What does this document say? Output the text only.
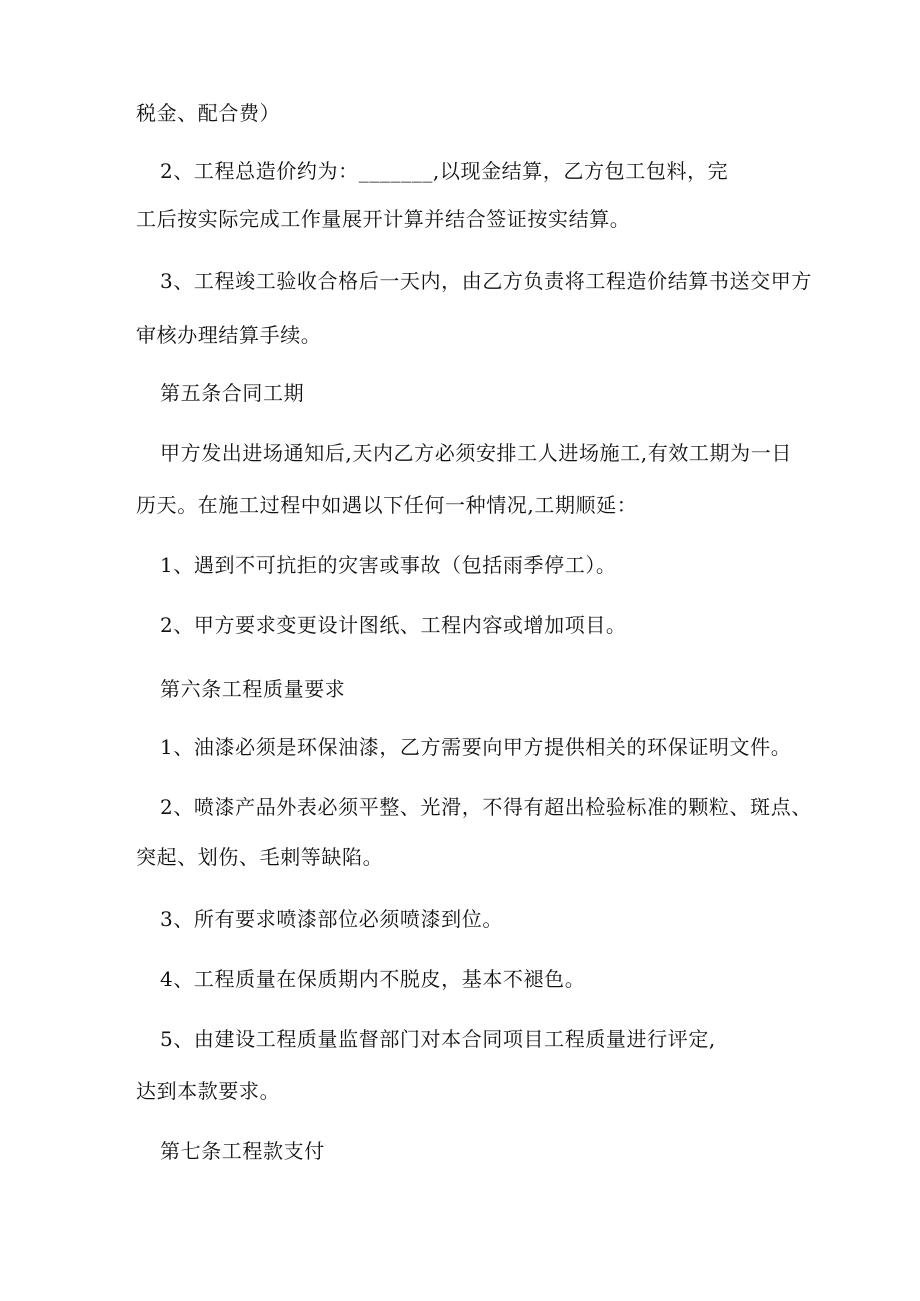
税金、配合费）
2、工程总造价约为：_______,以现金结算，乙方包工包料，完
工后按实际完成工作量展开计算并结合签证按实结算。
3、工程竣工验收合格后一天内，由乙方负责将工程造价结算书送交甲方
审核办理结算手续。
第五条合同工期
甲方发出进场通知后,天内乙方必须安排工人进场施工,有效工期为一日
历天。在施工过程中如遇以下任何一种情况,工期顺延：
1、遇到不可抗拒的灾害或事故（包括雨季停工）。
2、甲方要求变更设计图纸、工程内容或增加项目。
第六条工程质量要求
1、油漆必须是环保油漆，乙方需要向甲方提供相关的环保证明文件。
2、喷漆产品外表必须平整、光滑，不得有超出检验标准的颗粒、斑点、
突起、划伤、毛刺等缺陷。
3、所有要求喷漆部位必须喷漆到位。
4、工程质量在保质期内不脱皮，基本不褪色。
5、由建设工程质量监督部门对本合同项目工程质量进行评定,
达到本款要求。
第七条工程款支付
